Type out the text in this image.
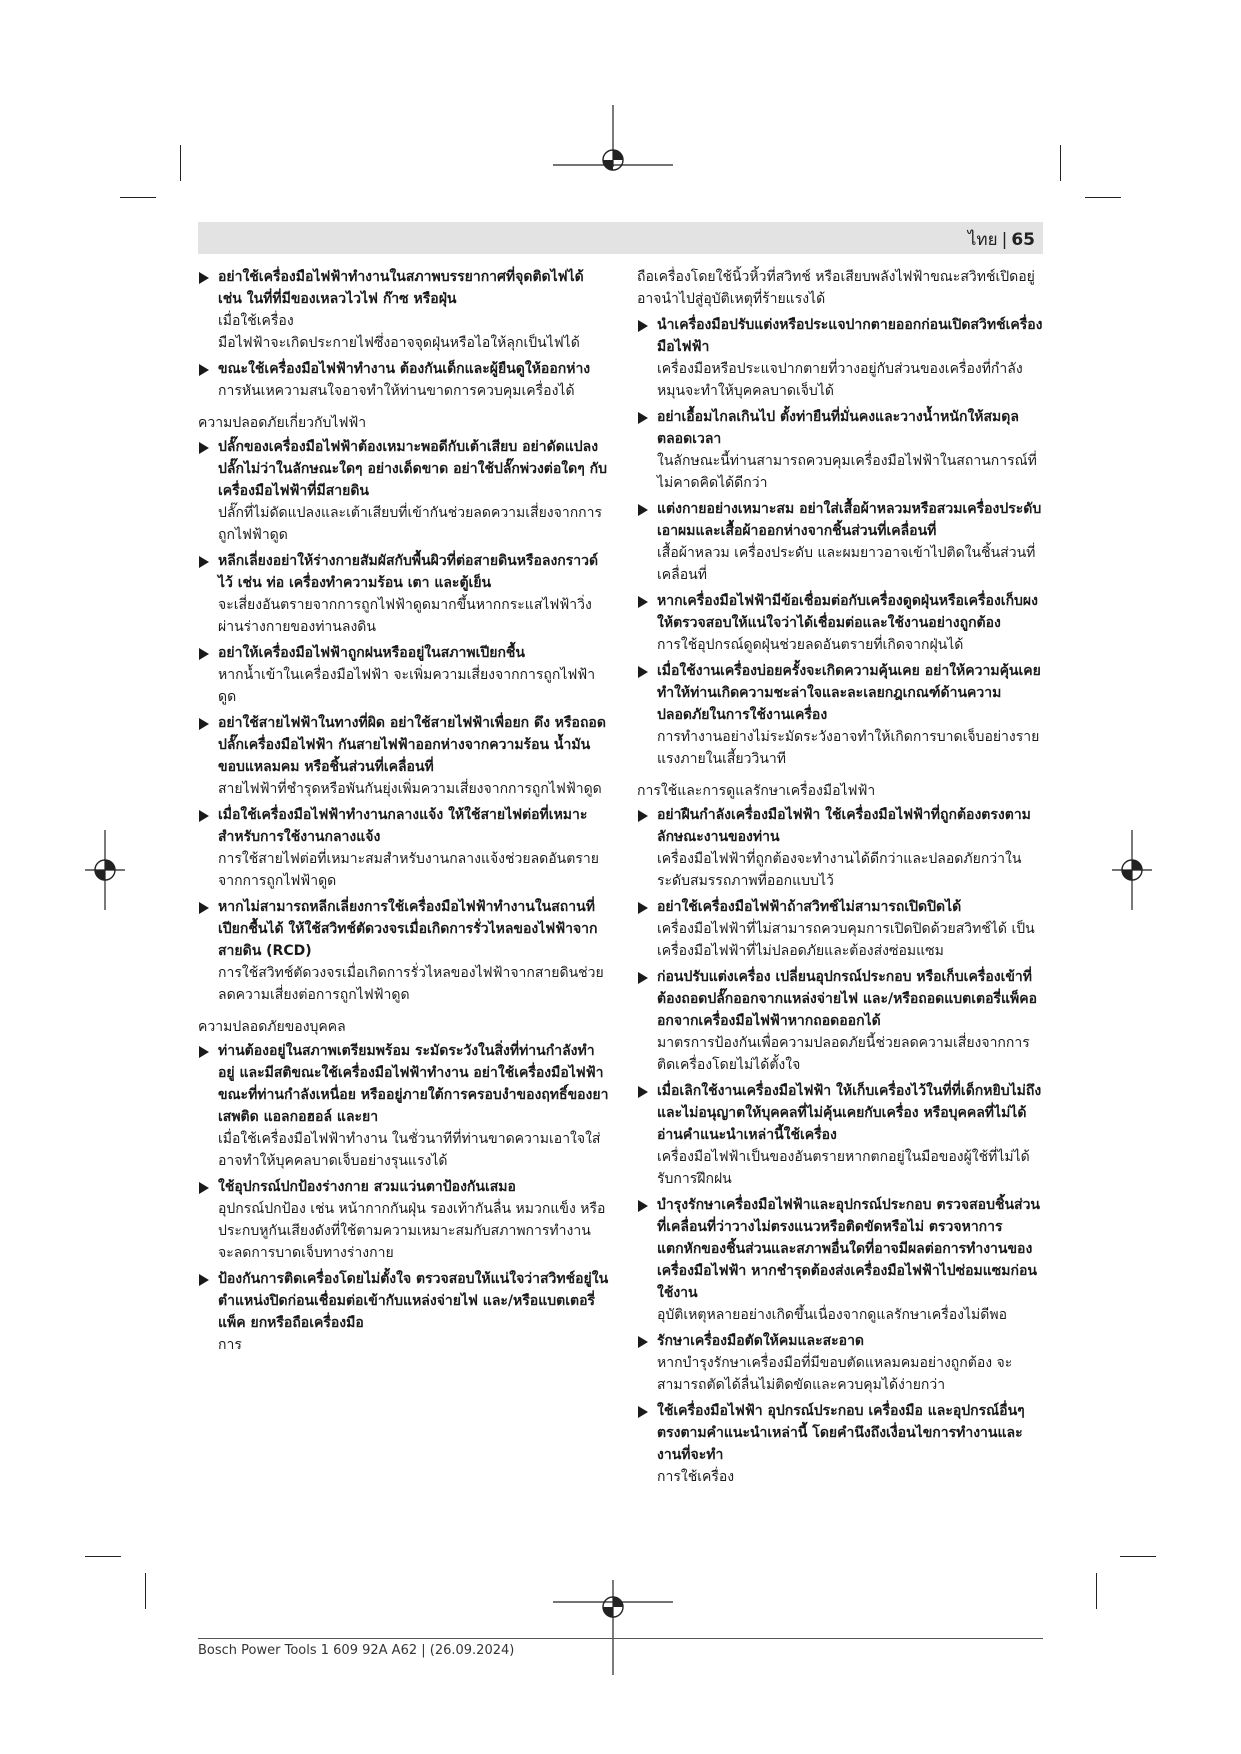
ไทย | 65
อย่าใช้เครื่องมือไฟฟ้าทำงานในสภาพบรรยากาศที่จุดติดไฟได้ เช่น ในที่ที่มีของเหลวไวไฟ ก๊าซ หรือฝุ่น
เมื่อใช้เครื่อง
มือไฟฟ้าจะเกิดประกายไฟซึ่งอาจจุดฝุ่นหรือไอให้ลุกเป็นไฟได้
ขณะใช้เครื่องมือไฟฟ้าทำงาน ต้องกันเด็กและผู้ยืนดูให้ออกห่าง
การหันเหความสนใจอาจทำให้ท่านขาดการควบคุมเครื่องได้
ความปลอดภัยเกี่ยวกับไฟฟ้า
ปลั๊กของเครื่องมือไฟฟ้าต้องเหมาะพอดีกับเต้าเสียบ อย่าดัดแปลงปลั๊กไม่ว่าในลักษณะใดๆ อย่างเด็ดขาด อย่าใช้ปลั๊กพ่วงต่อใดๆ กับเครื่องมือไฟฟ้าที่มีสายดิน
ปลั๊กที่ไม่ดัดแปลงและเต้าเสียบที่เข้ากันช่วยลดความเสี่ยงจากการถูกไฟฟ้าดูด
หลีกเลี่ยงอย่าให้ร่างกายสัมผัสกับพื้นผิวที่ต่อสายดินหรือลงกราวด์ไว้ เช่น ท่อ เครื่องทำความร้อน เตา และตู้เย็น
จะเสี่ยงอันตรายจากการถูกไฟฟ้าดูดมากขึ้นหากกระแสไฟฟ้าวิ่งผ่านร่างกายของท่านลงดิน
อย่าให้เครื่องมือไฟฟ้าถูกฝนหรืออยู่ในสภาพเปียกชื้น
หากน้ำเข้าในเครื่องมือไฟฟ้า จะเพิ่มความเสี่ยงจากการถูกไฟฟ้าดูด
อย่าใช้สายไฟฟ้าในทางที่ผิด อย่าใช้สายไฟฟ้าเพื่อยก ดึง หรือถอดปลั๊กเครื่องมือไฟฟ้า กันสายไฟฟ้าออกห่างจากความร้อน น้ำมัน ขอบแหลมคม หรือชิ้นส่วนที่เคลื่อนที่
สายไฟฟ้าที่ชำรุดหรือพันกันยุ่งเพิ่มความเสี่ยงจากการถูกไฟฟ้าดูด
เมื่อใช้เครื่องมือไฟฟ้าทำงานกลางแจ้ง ให้ใช้สายไฟต่อที่เหมาะสำหรับการใช้งานกลางแจ้ง
การใช้สายไฟต่อที่เหมาะสมสำหรับงานกลางแจ้งช่วยลดอันตรายจากการถูกไฟฟ้าดูด
หากไม่สามารถหลีกเลี่ยงการใช้เครื่องมือไฟฟ้าทำงานในสถานที่เปียกชื้นได้ ให้ใช้สวิทช์ตัดวงจรเมื่อเกิดการรั่วไหลของไฟฟ้าจากสายดิน (RCD)
การใช้สวิทช์ตัดวงจรเมื่อเกิดการรั่วไหลของไฟฟ้าจากสายดินช่วยลดความเสี่ยงต่อการถูกไฟฟ้าดูด
ความปลอดภัยของบุคคล
ท่านต้องอยู่ในสภาพเตรียมพร้อม ระมัดระวังในสิ่งที่ท่านกำลังทำอยู่ และมีสติขณะใช้เครื่องมือไฟฟ้าทำงาน อย่าใช้เครื่องมือไฟฟ้าขณะที่ท่านกำลังเหนื่อย หรืออยู่ภายใต้การครอบงำของฤทธิ์ของยาเสพติด แอลกอฮอล์ และยา
เมื่อใช้เครื่องมือไฟฟ้าทำงาน ในชั่วนาทีที่ท่านขาดความเอาใจใส่อาจทำให้บุคคลบาดเจ็บอย่างรุนแรงได้
ใช้อุปกรณ์ปกป้องร่างกาย สวมแว่นตาป้องกันเสมอ
อุปกรณ์ปกป้อง เช่น หน้ากากกันฝุ่น รองเท้ากันลื่น หมวกแข็ง หรือประกบหูกันเสียงดังที่ใช้ตามความเหมาะสมกับสภาพการทำงาน จะลดการบาดเจ็บทางร่างกาย
ป้องกันการติดเครื่องโดยไม่ตั้งใจ ตรวจสอบให้แน่ใจว่าสวิทช์อยู่ในตำแหน่งปิดก่อนเชื่อมต่อเข้ากับแหล่งจ่ายไฟ และ/หรือแบตเตอรี่แพ็ค ยกหรือถือเครื่องมือ
การ
ถือเครื่องโดยใช้นิ้วหิ้วที่สวิทช์ หรือเสียบพลังไฟฟ้าขณะสวิทช์เปิดอยู่ อาจนำไปสู่อุบัติเหตุที่ร้ายแรงได้
นำเครื่องมือปรับแต่งหรือประแจปากตายออกก่อนเปิดสวิทช์เครื่องมือไฟฟ้า
เครื่องมือหรือประแจปากตายที่วางอยู่กับส่วนของเครื่องที่กำลังหมุนจะทำให้บุคคลบาดเจ็บได้
อย่าเอื้อมไกลเกินไป ตั้งท่ายืนที่มั่นคงและวางน้ำหนักให้สมดุลตลอดเวลา
ในลักษณะนี้ท่านสามารถควบคุมเครื่องมือไฟฟ้าในสถานการณ์ที่ไม่คาดคิดได้ดีกว่า
แต่งกายอย่างเหมาะสม อย่าใส่เสื้อผ้าหลวมหรือสวมเครื่องประดับ เอาผมและเสื้อผ้าออกห่างจากชิ้นส่วนที่เคลื่อนที่
เสื้อผ้าหลวม เครื่องประดับ และผมยาวอาจเข้าไปติดในชิ้นส่วนที่เคลื่อนที่
หากเครื่องมือไฟฟ้ามีข้อเชื่อมต่อกับเครื่องดูดฝุ่นหรือเครื่องเก็บผง ให้ตรวจสอบให้แน่ใจว่าได้เชื่อมต่อและใช้งานอย่างถูกต้อง
การใช้อุปกรณ์ดูดฝุ่นช่วยลดอันตรายที่เกิดจากฝุ่นได้
เมื่อใช้งานเครื่องบ่อยครั้งจะเกิดความคุ้นเคย อย่าให้ความคุ้นเคยทำให้ท่านเกิดความชะล่าใจและละเลยกฎเกณฑ์ด้านความปลอดภัยในการใช้งานเครื่อง
การทำงานอย่างไม่ระมัดระวังอาจทำให้เกิดการบาดเจ็บอย่างรายแรงภายในเสี้ยววินาที
การใช้และการดูแลรักษาเครื่องมือไฟฟ้า
อย่าฝืนกำลังเครื่องมือไฟฟ้า ใช้เครื่องมือไฟฟ้าที่ถูกต้องตรงตามลักษณะงานของท่าน
เครื่องมือไฟฟ้าที่ถูกต้องจะทำงานได้ดีกว่าและปลอดภัยกว่าในระดับสมรรถภาพที่ออกแบบไว้
อย่าใช้เครื่องมือไฟฟ้าถ้าสวิทช์ไม่สามารถเปิดปิดได้
เครื่องมือไฟฟ้าที่ไม่สามารถควบคุมการเปิดปิดด้วยสวิทช์ได้ เป็นเครื่องมือไฟฟ้าที่ไม่ปลอดภัยและต้องส่งซ่อมแซม
ก่อนปรับแต่งเครื่อง เปลี่ยนอุปกรณ์ประกอบ หรือเก็บเครื่องเข้าที่ ต้องถอดปลั๊กออกจากแหล่งจ่ายไฟ และ/หรือถอดแบตเตอรี่แพ็คออกจากเครื่องมือไฟฟ้าหากถอดออกได้
มาตรการป้องกันเพื่อความปลอดภัยนี้ช่วยลดความเสี่ยงจากการติดเครื่องโดยไม่ได้ตั้งใจ
เมื่อเลิกใช้งานเครื่องมือไฟฟ้า ให้เก็บเครื่องไว้ในที่ที่เด็กหยิบไม่ถึง และไม่อนุญาตให้บุคคลที่ไม่คุ้นเคยกับเครื่อง หรือบุคคลที่ไม่ได้อ่านคำแนะนำเหล่านี้ใช้เครื่อง
เครื่องมือไฟฟ้าเป็นของอันตรายหากตกอยู่ในมือของผู้ใช้ที่ไม่ได้รับการฝึกฝน
บำรุงรักษาเครื่องมือไฟฟ้าและอุปกรณ์ประกอบ ตรวจสอบชิ้นส่วนที่เคลื่อนที่ว่าวางไม่ตรงแนวหรือติดขัดหรือไม่ ตรวจหาการแตกหักของชิ้นส่วนและสภาพอื่นใดที่อาจมีผลต่อการทำงานของเครื่องมือไฟฟ้า หากชำรุดต้องส่งเครื่องมือไฟฟ้าไปซ่อมแซมก่อนใช้งาน
อุบัติเหตุหลายอย่างเกิดขึ้นเนื่องจากดูแลรักษาเครื่องไม่ดีพอ
รักษาเครื่องมือตัดให้คมและสะอาด
หากบำรุงรักษาเครื่องมือที่มีขอบตัดแหลมคมอย่างถูกต้อง จะสามารถตัดได้ลื่นไม่ติดขัดและควบคุมได้ง่ายกว่า
ใช้เครื่องมือไฟฟ้า อุปกรณ์ประกอบ เครื่องมือ และอุปกรณ์อื่นๆ ตรงตามคำแนะนำเหล่านี้ โดยคำนึงถึงเงื่อนไขการทำงานและงานที่จะทำ
การใช้เครื่อง
Bosch Power Tools 1 609 92A A62 | (26.09.2024)
